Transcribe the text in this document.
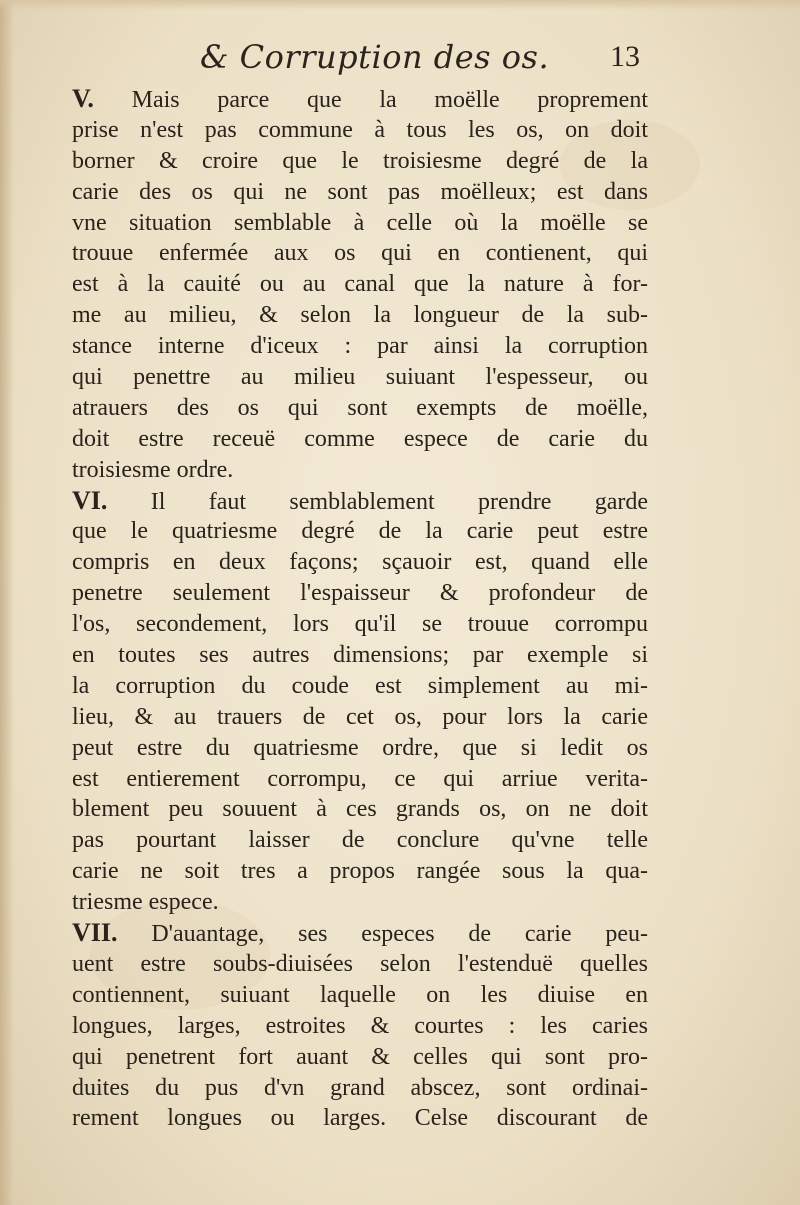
& Corruption des os. 13
V. Mais parce que la moëlle proprement
prise n'est pas commune à tous les os, on doit
borner & croire que le troisiesme degré de la
carie des os qui ne sont pas moëlleux; est dans
vne situation semblable à celle où la moëlle se
trouue enfermée aux os qui en contienent, qui
est à la cauité ou au canal que la nature à for-
me au milieu, & selon la longueur de la sub-
stance interne d'iceux : par ainsi la corruption
qui penettre au milieu suiuant l'espesseur, ou
atrauers des os qui sont exempts de moëlle,
doit estre receuë comme espece de carie du
troisiesme ordre.
VI. Il faut semblablement prendre garde
que le quatriesme degré de la carie peut estre
compris en deux façons; sçauoir est, quand elle
penetre seulement l'espaisseur & profondeur de
l'os, secondement, lors qu'il se trouue corrompu
en toutes ses autres dimensions; par exemple si
la corruption du coude est simplement au mi-
lieu, & au trauers de cet os, pour lors la carie
peut estre du quatriesme ordre, que si ledit os
est entierement corrompu, ce qui arriue verita-
blement peu souuent à ces grands os, on ne doit
pas pourtant laisser de conclure qu'vne telle
carie ne soit tres a propos rangée sous la qua-
triesme espece.
VII. D'auantage, ses especes de carie peu-
uent estre soubs-diuisées selon l'estenduë quelles
contiennent, suiuant laquelle on les diuise en
longues, larges, estroites & courtes : les caries
qui penetrent fort auant & celles qui sont pro-
duites du pus d'vn grand abscez, sont ordinai-
rement longues ou larges. Celse discourant de
